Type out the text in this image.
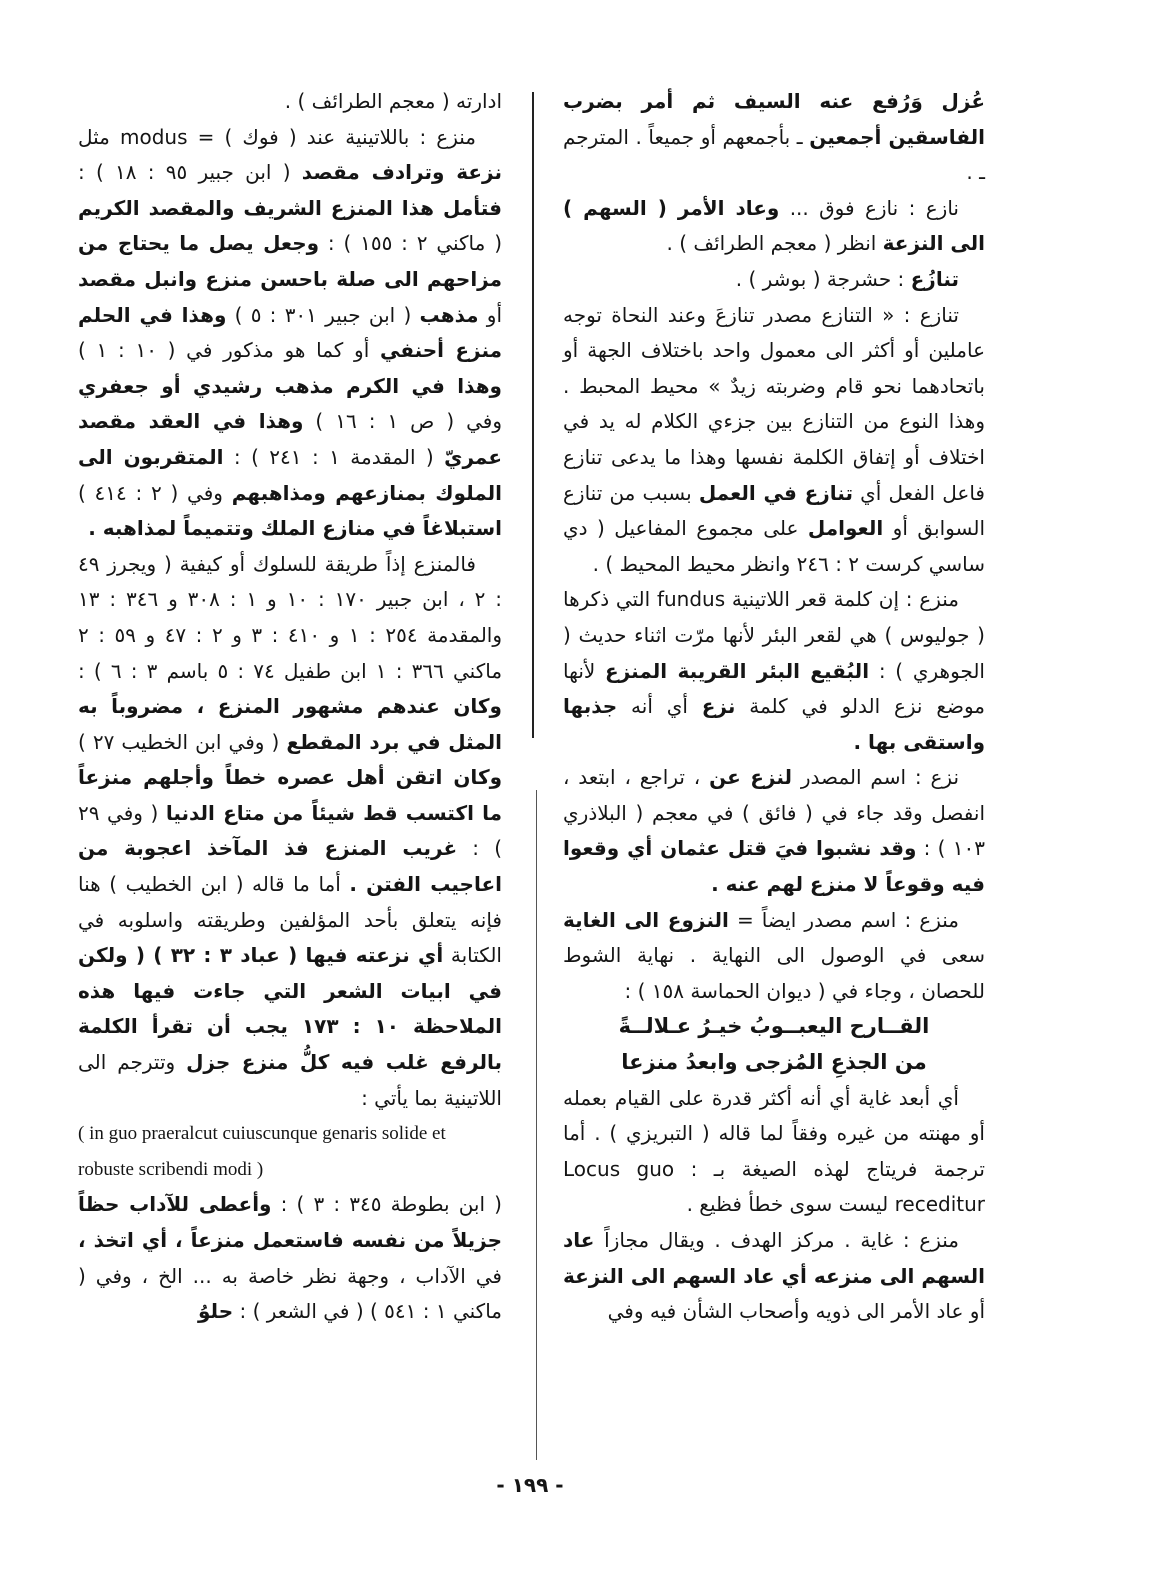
عُزل وَرُفع عنه السيف ثم أمر بضرب الفاسقين أجمعين ـ بأجمعهم أو جميعاً . المترجم ـ .

نازع : نازع فوق ... وعاد الأمر ( السهم ) الى النزعة انظر ( معجم الطرائف ) .

تنازُع : حشرجة ( بوشر ) .

تنازع : « التنازع مصدر تنازعَ وعند النحاة توجه عاملين أو أكثر الى معمول واحد باختلاف الجهة أو باتحادهما نحو قام وضربته زيدٌ » محيط المحبط . وهذا النوع من التنازع بين جزءي الكلام له يد في اختلاف أو إتفاق الكلمة نفسها وهذا ما يدعى تنازع فاعل الفعل أي تنازع في العمل بسبب من تنازع السوابق أو العوامل على مجموع المفاعيل ( دي ساسي كرست ٢ : ٢٤٦ وانظر محيط المحيط ) .

منزع : إن كلمة قعر اللاتينية fundus التي ذكرها ( جوليوس ) هي لقعر البئر لأنها مرّت اثناء حديث ( الجوهري ) : البُقيع البئر القريبة المنزع لأنها موضع نزع الدلو في كلمة نزع أي أنه جذبها واستقى بها .

نزع : اسم المصدر لنزع عن ، تراجع ، ابتعد ، انفصل وقد جاء في ( فائق ) في معجم ( البلاذري ١٠٣ ) : وقد نشبوا فيَ قتل عثمان أي وقعوا فيه وقوعاً لا منزع لهم عنه .

منزع : اسم مصدر ايضاً = النزوع الى الغاية سعى في الوصول الى النهاية . نهاية الشوط للحصان ، وجاء في ( ديوان الحماسة ١٥٨ ) :

القــارح اليعبــوبُ خيـرُ عـلالــةً

من الجذعِ المُزجى وابعدُ منزعا

أي أبعد غاية أي أنه أكثر قدرة على القيام بعمله أو مهنته من غيره وفقاً لما قاله ( التبريزي ) . أما ترجمة فريتاج لهذه الصيغة بـ : Locus guo receditur ليست سوى خطأ فظيع .

منزع : غاية . مركز الهدف . ويقال مجازاً عاد السهم الى منزعه أي عاد السهم الى النزعة أو عاد الأمر الى ذويه وأصحاب الشأن فيه وفي

ادارته ( معجم الطرائف ) .

منزع : باللاتينية عند ( فوك ) = modus مثل نزعة وترادف مقصد ( ابن جبير ٩٥ : ١٨ ) : فتأمل هذا المنزع الشريف والمقصد الكريم ( ماكني ٢ : ١٥٥ ) : وجعل يصل ما يحتاج من مزاحهم الى صلة باحسن منزع وانبل مقصد أو مذهب ( ابن جبير ٣٠١ : ٥ ) وهذا في الحلم منزع أحنفي أو كما هو مذكور في ( ١٠ : ١ ) وهذا في الكرم مذهب رشيدي أو جعفري وفي ( ص ١ : ١٦ ) وهذا في العقد مقصد عمريّ ( المقدمة ١ : ٢٤١ ) : المتقربون الى الملوك بمنازعهم ومذاهبهم وفي ( ٢ : ٤١٤ ) استبلاغاً في منازع الملك وتتميماً لمذاهبه .

فالمنزع إذاً طريقة للسلوك أو كيفية ( ويجرز ٤٩ : ٢ ، ابن جبير ١٧٠ : ١٠ و ١ : ٣٠٨ و ٣٤٦ : ١٣ والمقدمة ٢٥٤ : ١ و ٤١٠ : ٣ و ٢ : ٤٧ و ٥٩ : ٢ ماكني ٣٦٦ : ١ ابن طفيل ٧٤ : ٥ باسم ٣ : ٦ ) : وكان عندهم مشهور المنزع ، مضروباً به المثل في برد المقطع ( وفي ابن الخطيب ٢٧ ) وكان اتقن أهل عصره خطاً وأجلهم منزعاً ما اكتسب قط شيئاً من متاع الدنيا ( وفي ٢٩ ) : غريب المنزع فذ المآخذ اعجوبة من اعاجيب الفتن . أما ما قاله ( ابن الخطيب ) هنا فإنه يتعلق بأحد المؤلفين وطريقته واسلوبه في الكتابة أي نزعته فيها ( عباد ٣ : ٣٢ ) ( ولكن في ابيات الشعر التي جاءت فيها هذه الملاحظة ١٠ : ١٧٣ يجب أن تقرأ الكلمة بالرفع غلب فيه كلُّ منزع جزل وتترجم الى اللاتينية بما يأتي :

( in guo praeralcut cuiuscunque genaris solide et robuste scribendi modi )

( ابن بطوطة ٣٤٥ : ٣ ) : وأعطى للآداب حظاً جزيلاً من نفسه فاستعمل منزعاً ، أي اتخذ ، في الآداب ، وجهة نظر خاصة به ... الخ ، وفي ( ماكني ١ : ٥٤١ ) ( في الشعر ) : حلوُ

- ١٩٩ -
